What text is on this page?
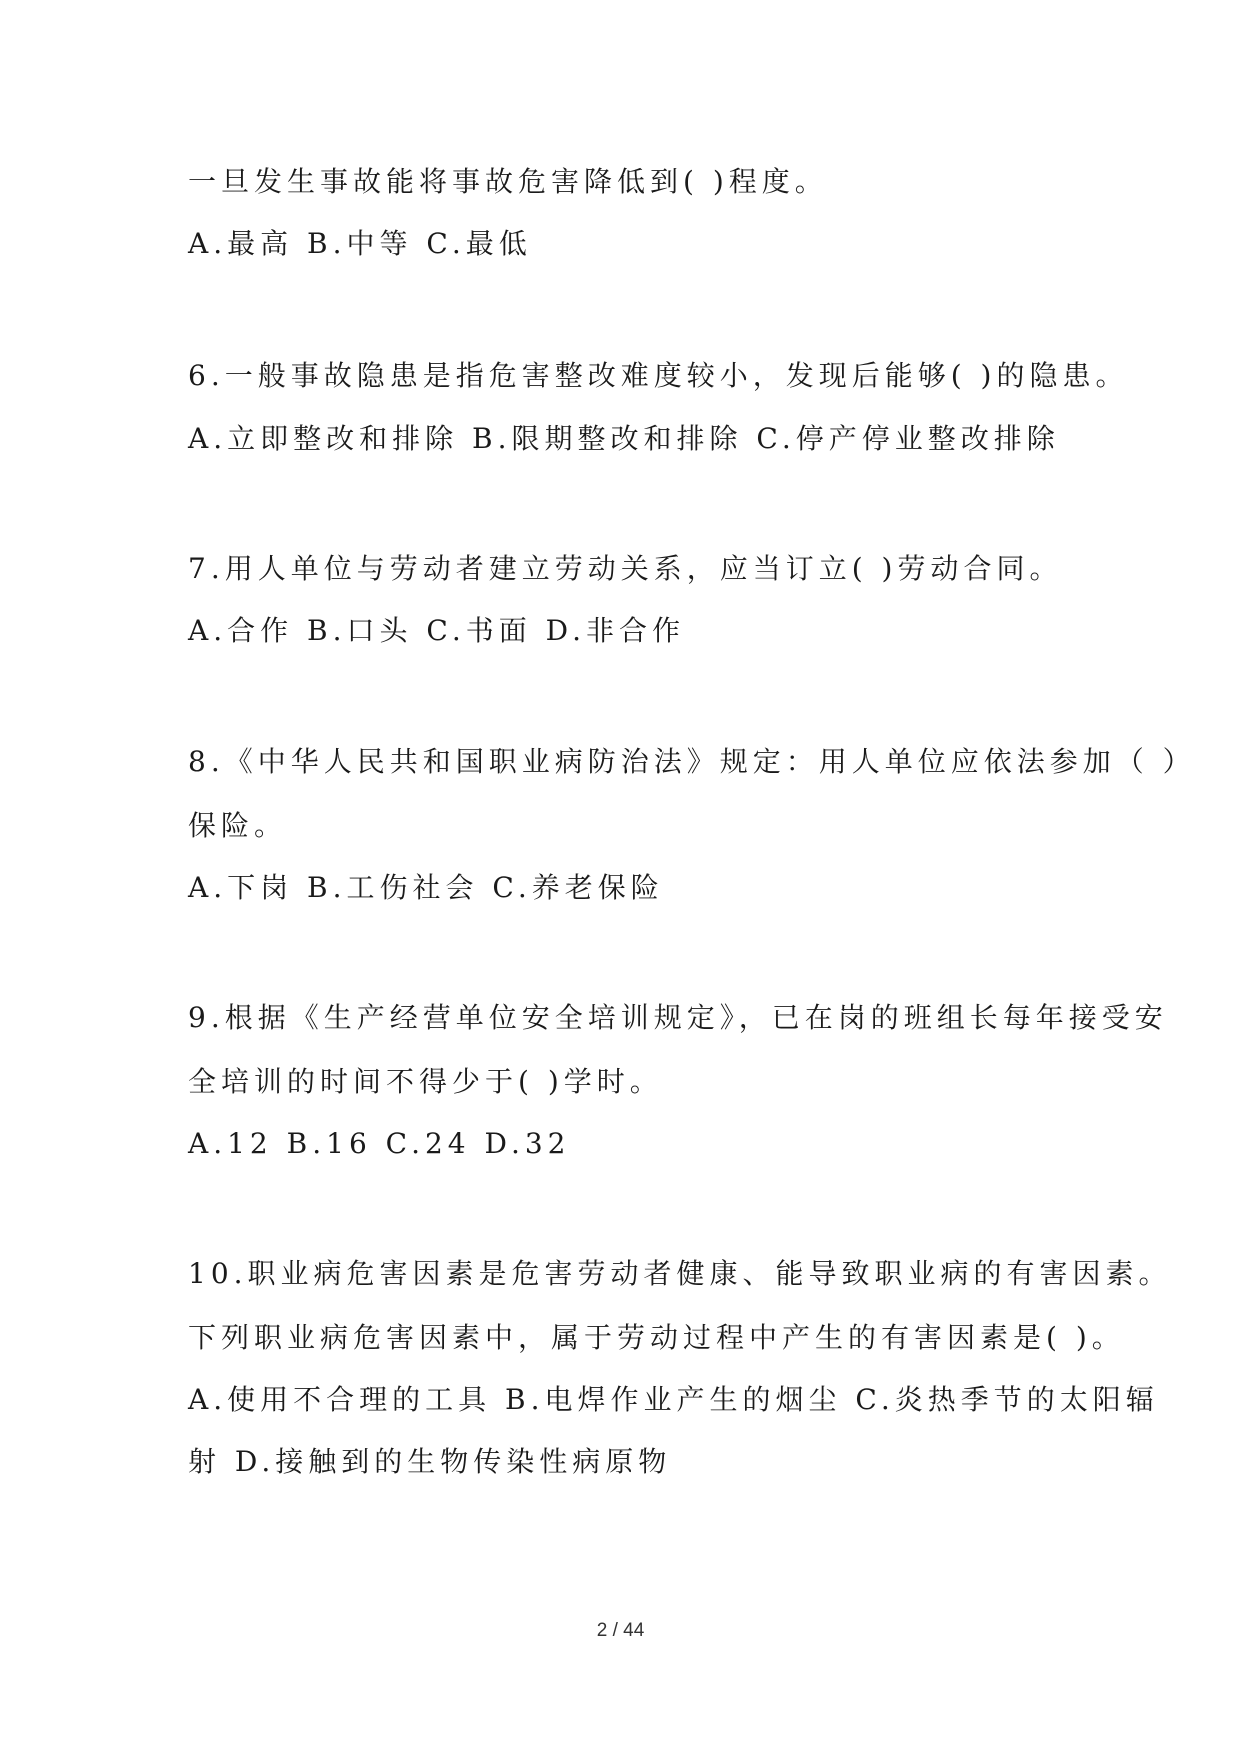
一旦发生事故能将事故危害降低到( )程度。
A.最高 B.中等 C.最低
6.一般事故隐患是指危害整改难度较小，发现后能够( )的隐患。
A.立即整改和排除 B.限期整改和排除 C.停产停业整改排除
7.用人单位与劳动者建立劳动关系，应当订立( )劳动合同。
A.合作 B.口头 C.书面 D.非合作
8.《中华人民共和国职业病防治法》规定：用人单位应依法参加（ ）
保险。
A.下岗 B.工伤社会 C.养老保险
9.根据《生产经营单位安全培训规定》，已在岗的班组长每年接受安
全培训的时间不得少于( )学时。
A.12 B.16 C.24 D.32
10.职业病危害因素是危害劳动者健康、能导致职业病的有害因素。
下列职业病危害因素中，属于劳动过程中产生的有害因素是( )。
A.使用不合理的工具 B.电焊作业产生的烟尘 C.炎热季节的太阳辐
射 D.接触到的生物传染性病原物
2 / 44
